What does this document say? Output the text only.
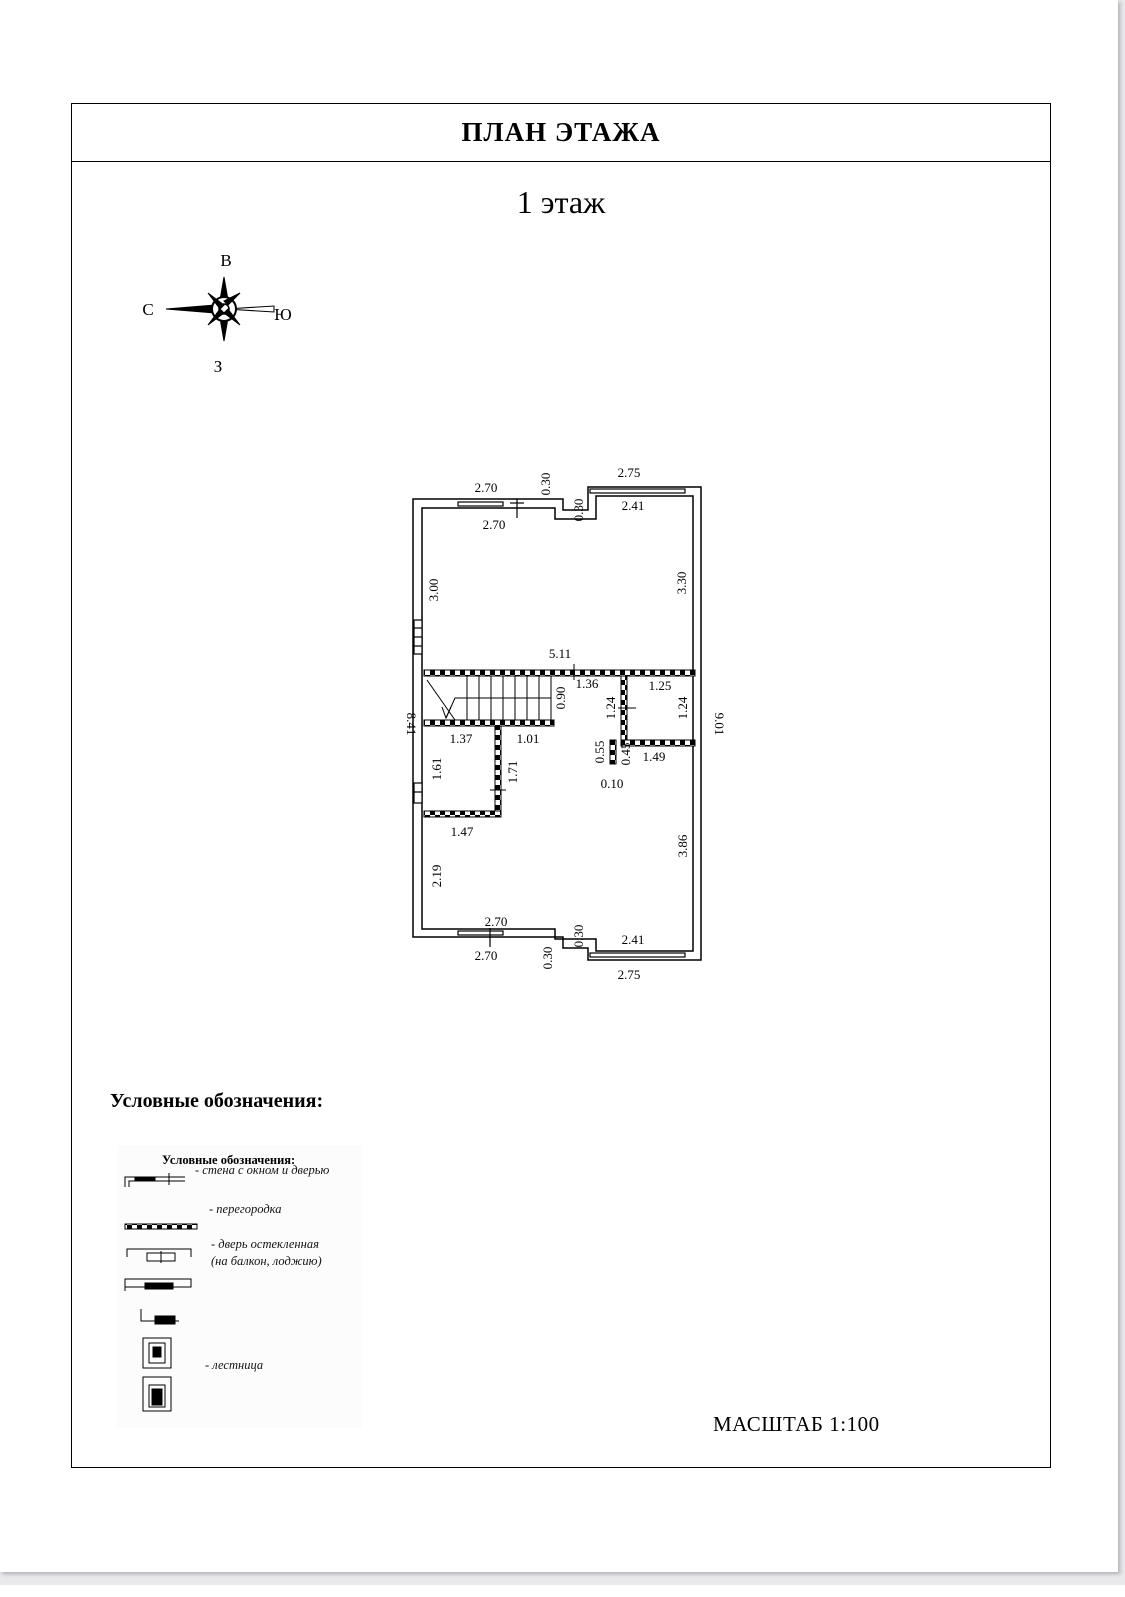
ПЛАН ЭТАЖА
1 этаж
В
С	Ю
З
2.70
2.70
0.30
0.30
2.75
2.41
3.00	3.30
5.11
1.36
0.90
1.25
1.24	1.24
8.41	9.01
1.37	1.01
1.61	1.71
1.47
0.55 0.45
0.10
1.49
3.86
2.19
2.70
2.70
0.30
0.30
2.41
2.75
Условные обозначения:
Условные обозначения:
- стена с окном и дверью
- перегородка
- дверь остекленная
(на балкон, лоджию)
- лестница
МАСШТАБ 1:100
